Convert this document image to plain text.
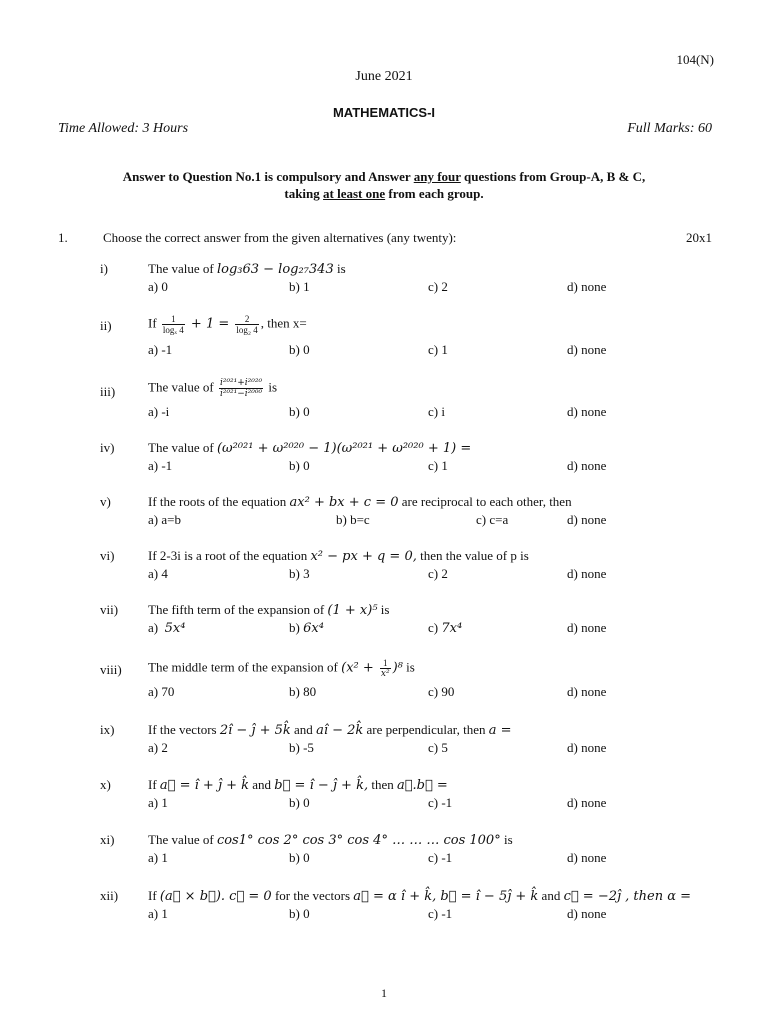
104(N)
June 2021
MATHEMATICS-I
Time Allowed: 3 Hours	Full Marks: 60
Answer to Question No.1 is compulsory and Answer any four questions from Group-A, B & C,
taking at least one from each group.
1.	Choose the correct answer from the given alternatives (any twenty):	20x1
i)	The value of log₃63 − log₂₇343 is
a) 0	b) 1	c) 2	d) none
ii)	If $\frac{1}{\text{logₓ 4}} + 1 = \frac{2}{\text{log₂ 4}}$ , then x=
a) -1	b) 0	c) 1	d) none
iii)	The value of $\frac{\text{i²⁰²¹+i²⁰²⁰}}{\text{i²⁰²¹−i²⁰⁰⁰}}$ is
a) -i	b) 0	c) i	d) none
iv)	The value of (ω²⁰²¹ + ω²⁰²⁰ − 1)(ω²⁰²¹ + ω²⁰²⁰ + 1) =
a) -1	b) 0	c) 1	d) none
v)	If the roots of the equation ax² + bx + c = 0 are reciprocal to each other, then
a) a=b	b) b=c	c) c=a	d) none
vi)	If 2-3i is a root of the equation x² − px + q = 0, then the value of p is
a) 4	b) 3	c) 2	d) none
vii) The fifth term of the expansion of (1 + x)⁵ is
a) 5x⁴	b) 6x⁴	c) 7x⁴	d) none
viii) The middle term of the expansion of $(x^2 + \frac{1}{\text{x²}} )^8$ is
a) 70	b) 80	c) 90	d) none
ix)	If the vectors 2î − ĵ + 5k̂ and aî − 2k̂ are perpendicular, then a =
a) 2	b) -5	c) 5	d) none
x)	If a⃗ = î + ĵ + k̂ and b⃗ = î − ĵ + k̂, then a⃗.b⃗ =
a) 1	b) 0	c) -1	d) none
xi)	The value of cos1° cos 2° cos 3° cos 4° … … … cos 100° is
a) 1	b) 0	c) -1	d) none
xii) If (a⃗ × b⃗). c⃗ = 0 for the vectors a⃗ = α î + k̂, b⃗ = î − 5ĵ + k̂ and c⃗ = −2ĵ , then α =
a) 1	b) 0	c) -1	d) none
1
